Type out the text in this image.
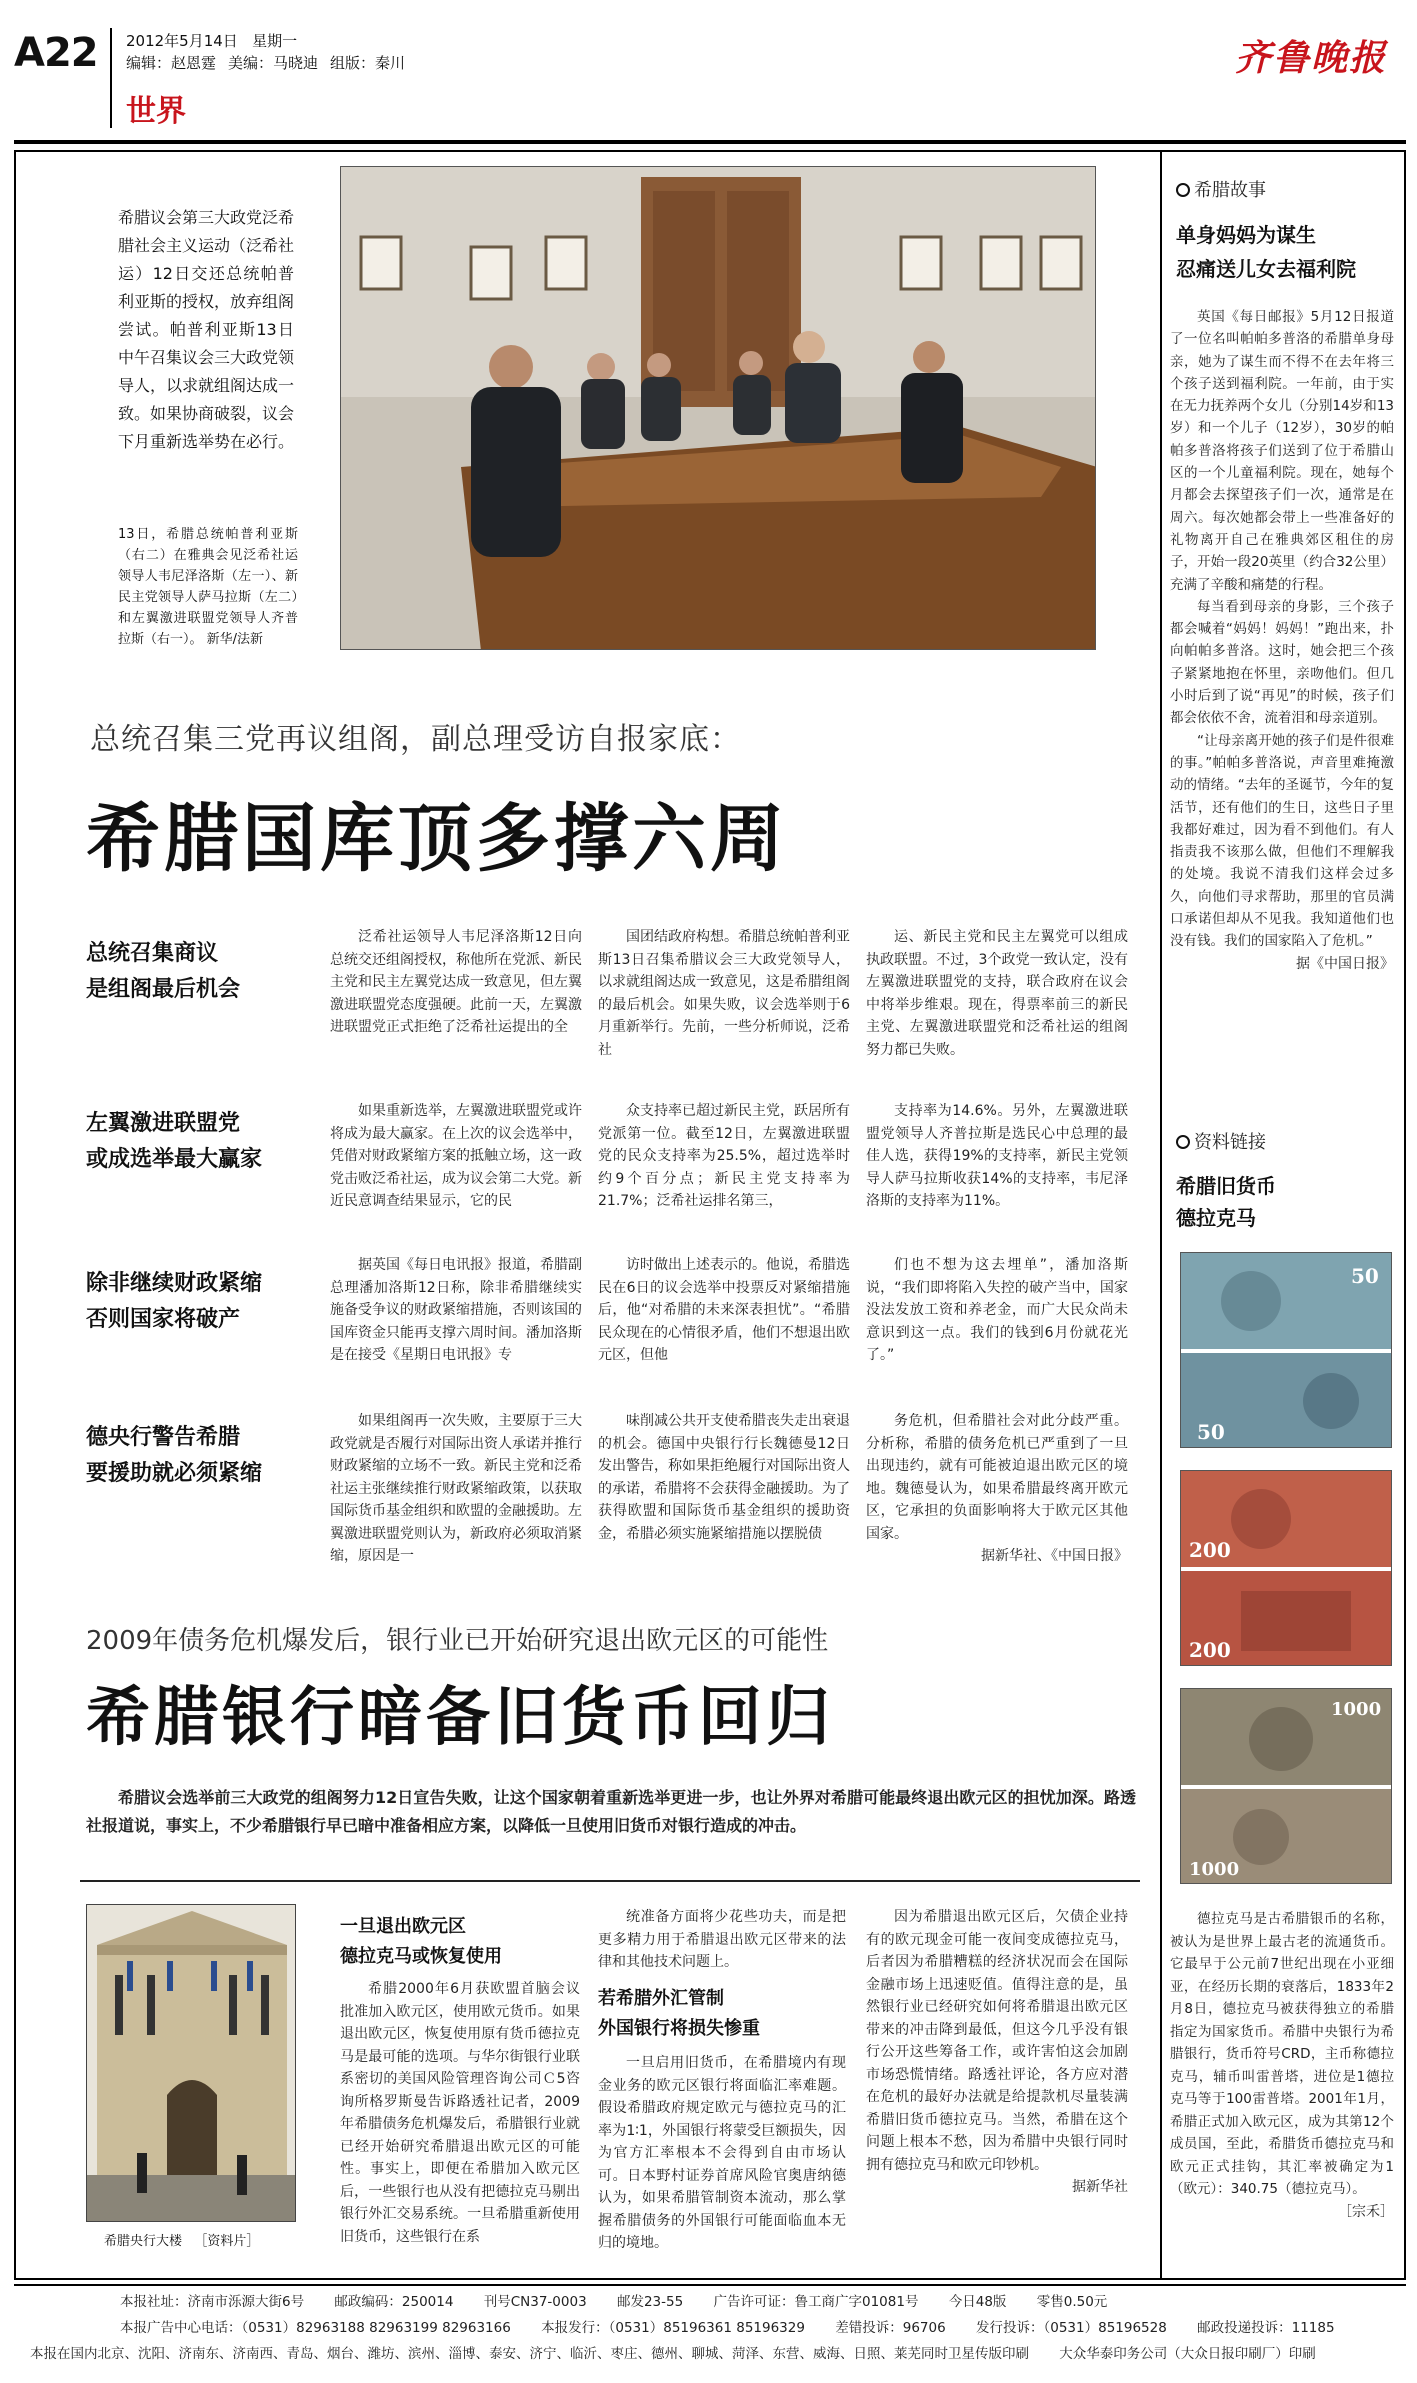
A22 2012年5月14日 星期一
编辑：赵恩霆 美编：马晓迪 组版：秦川
世界
齐鲁晚报
希腊议会第三大政党泛希腊社会主义运动（泛希社运）12日交还总统帕普利亚斯的授权，放弃组阁尝试。帕普利亚斯13日中午召集议会三大政党领导人，以求就组阁达成一致。如果协商破裂，议会下月重新选举势在必行。
13日，希腊总统帕普利亚斯（右二）在雅典会见泛希社运领导人韦尼泽洛斯（左一）、新民主党领导人萨马拉斯（左二）和左翼激进联盟党领导人齐普拉斯（右一）。 新华/法新
总统召集三党再议组阁，副总理受访自报家底：
希腊国库顶多撑六周
总统召集商议
是组阁最后机会

泛希社运领导人韦尼泽洛斯12日向总统交还组阁授权，称他所在党派、新民主党和民主左翼党达成一致意见，但左翼激进联盟党态度强硬。此前一天，左翼激进联盟党正式拒绝了泛希社运提出的全

国团结政府构想。希腊总统帕普利亚斯13日召集希腊议会三大政党领导人，以求就组阁达成一致意见，这是希腊组阁的最后机会。如果失败，议会选举则于6月重新举行。先前，一些分析师说，泛希社

运、新民主党和民主左翼党可以组成执政联盟。不过，3个政党一致认定，没有左翼激进联盟党的支持，联合政府在议会中将举步维艰。现在，得票率前三的新民主党、左翼激进联盟党和泛希社运的组阁努力都已失败。

左翼激进联盟党
或成选举最大赢家

如果重新选举，左翼激进联盟党或许将成为最大赢家。在上次的议会选举中，凭借对财政紧缩方案的抵触立场，这一政党击败泛希社运，成为议会第二大党。新近民意调查结果显示，它的民

众支持率已超过新民主党，跃居所有党派第一位。截至12日，左翼激进联盟党的民众支持率为25.5%，超过选举时约9个百分点；新民主党支持率为21.7%；泛希社运排名第三，

支持率为14.6%。另外，左翼激进联盟党领导人齐普拉斯是选民心中总理的最佳人选，获得19%的支持率，新民主党领导人萨马拉斯收获14%的支持率，韦尼泽洛斯的支持率为11%。

除非继续财政紧缩
否则国家将破产

据英国《每日电讯报》报道，希腊副总理潘加洛斯12日称，除非希腊继续实施备受争议的财政紧缩措施，否则该国的国库资金只能再支撑六周时间。潘加洛斯是在接受《星期日电讯报》专

访时做出上述表示的。他说，希腊选民在6日的议会选举中投票反对紧缩措施后，他“对希腊的未来深表担忧”。“希腊民众现在的心情很矛盾，他们不想退出欧元区，但他

们也不想为这去埋单”，潘加洛斯说，“我们即将陷入失控的破产当中，国家没法发放工资和养老金，而广大民众尚未意识到这一点。我们的钱到6月份就花光了。”

德央行警告希腊
要援助就必须紧缩

如果组阁再一次失败，主要原于三大政党就是否履行对国际出资人承诺并推行财政紧缩的立场不一致。新民主党和泛希社运主张继续推行财政紧缩政策，以获取国际货币基金组织和欧盟的金融援助。左翼激进联盟党则认为，新政府必须取消紧缩，原因是一

味削减公共开支使希腊丧失走出衰退的机会。德国中央银行行长魏德曼12日发出警告，称如果拒绝履行对国际出资人的承诺，希腊将不会获得金融援助。为了获得欧盟和国际货币基金组织的援助资金，希腊必须实施紧缩措施以摆脱债

务危机，但希腊社会对此分歧严重。分析称，希腊的债务危机已严重到了一旦出现违约，就有可能被迫退出欧元区的境地。魏德曼认为，如果希腊最终离开欧元区，它承担的负面影响将大于欧元区其他国家。

据新华社、《中国日报》
2009年债务危机爆发后，银行业已开始研究退出欧元区的可能性
希腊银行暗备旧货币回归
希腊议会选举前三大政党的组阁努力12日宣告失败，让这个国家朝着重新选举更进一步，也让外界对希腊可能最终退出欧元区的担忧加深。路透社报道说，事实上，不少希腊银行早已暗中准备相应方案，以降低一旦使用旧货币对银行造成的冲击。
希腊央行大楼 ［资料片］
一旦退出欧元区
德拉克马或恢复使用

希腊2000年6月获欧盟首脑会议批准加入欧元区，使用欧元货币。如果退出欧元区，恢复使用原有货币德拉克马是最可能的选项。与华尔街银行业联系密切的美国风险管理咨询公司Ｃ5咨询所格罗斯曼告诉路透社记者，2009年希腊债务危机爆发后，希腊银行业就已经开始研究希腊退出欧元区的可能性。事实上，即便在希腊加入欧元区后，一些银行也从没有把德拉克马剔出银行外汇交易系统。一旦希腊重新使用旧货币，这些银行在系

统准备方面将少花些功夫，而是把更多精力用于希腊退出欧元区带来的法律和其他技术问题上。

若希腊外汇管制
外国银行将损失惨重

一旦启用旧货币，在希腊境内有现金业务的欧元区银行将面临汇率难题。假设希腊政府规定欧元与德拉克马的汇率为1∶1，外国银行将蒙受巨额损失，因为官方汇率根本不会得到自由市场认可。日本野村证券首席风险官奥唐纳德认为，如果希腊管制资本流动，那么掌握希腊债务的外国银行可能面临血本无归的境地。

因为希腊退出欧元区后，欠债企业持有的欧元现金可能一夜间变成德拉克马，后者因为希腊糟糕的经济状况而会在国际金融市场上迅速贬值。值得注意的是，虽然银行业已经研究如何将希腊退出欧元区带来的冲击降到最低，但这今几乎没有银行公开这些筹备工作，或许害怕这会加剧市场恐慌情绪。路透社评论，各方应对潜在危机的最好办法就是给提款机尽量装满希腊旧货币德拉克马。当然，希腊在这个问题上根本不愁，因为希腊中央银行同时拥有德拉克马和欧元印钞机。

据新华社
希腊故事
单身妈妈为谋生
忍痛送儿女去福利院

英国《每日邮报》5月12日报道了一位名叫帕帕多普洛的希腊单身母亲，她为了谋生而不得不在去年将三个孩子送到福利院。一年前，由于实在无力抚养两个女儿（分别14岁和13岁）和一个儿子（12岁），30岁的帕帕多普洛将孩子们送到了位于希腊山区的一个儿童福利院。现在，她每个月都会去探望孩子们一次，通常是在周六。每次她都会带上一些准备好的礼物离开自己在雅典郊区租住的房子，开始一段20英里（约合32公里）充满了辛酸和痛楚的行程。

每当看到母亲的身影，三个孩子都会喊着“妈妈！妈妈！”跑出来，扑向帕帕多普洛。这时，她会把三个孩子紧紧地抱在怀里，亲吻他们。但几小时后到了说“再见”的时候，孩子们都会依依不舍，流着泪和母亲道别。

“让母亲离开她的孩子们是件很难的事。”帕帕多普洛说，声音里难掩激动的情绪。“去年的圣诞节，今年的复活节，还有他们的生日，这些日子里我都好难过，因为看不到他们。有人指责我不该那么做，但他们不理解我的处境。我说不清我们这样会过多久，向他们寻求帮助，那里的官员满口承诺但却从不见我。我知道他们也没有钱。我们的国家陷入了危机。”

据《中国日报》
资料链接
希腊旧货币
德拉克马
50
50
200
200
1000
1000
德拉克马是古希腊银币的名称，被认为是世界上最古老的流通货币。它最早于公元前7世纪出现在小亚细亚，在经历长期的衰落后，1833年2月8日，德拉克马被获得独立的希腊指定为国家货币。希腊中央银行为希腊银行，货币符号CRD，主币称德拉克马，辅币叫雷普塔，进位是1德拉克马等于100雷普塔。2001年1月，希腊正式加入欧元区，成为其第12个成员国，至此，希腊货币德拉克马和欧元正式挂钩，其汇率被确定为1（欧元）：340.75（德拉克马）。
［宗禾］
本报社址：济南市泺源大街6号 邮政编码：250014 刊号CN37-0003 邮发23-55 广告许可证：鲁工商广字01081号 今日48版 零售0.50元
本报广告中心电话：（0531）82963188 82963199 82963166 本报发行：（0531）85196361 85196329 差错投诉：96706 发行投诉：（0531）85196528 邮政投递投诉：11185
本报在国内北京、沈阳、济南东、济南西、青岛、烟台、潍坊、滨州、淄博、泰安、济宁、临沂、枣庄、德州、聊城、菏泽、东营、威海、日照、莱芜同时卫星传版印刷 大众华泰印务公司（大众日报印刷厂）印刷
